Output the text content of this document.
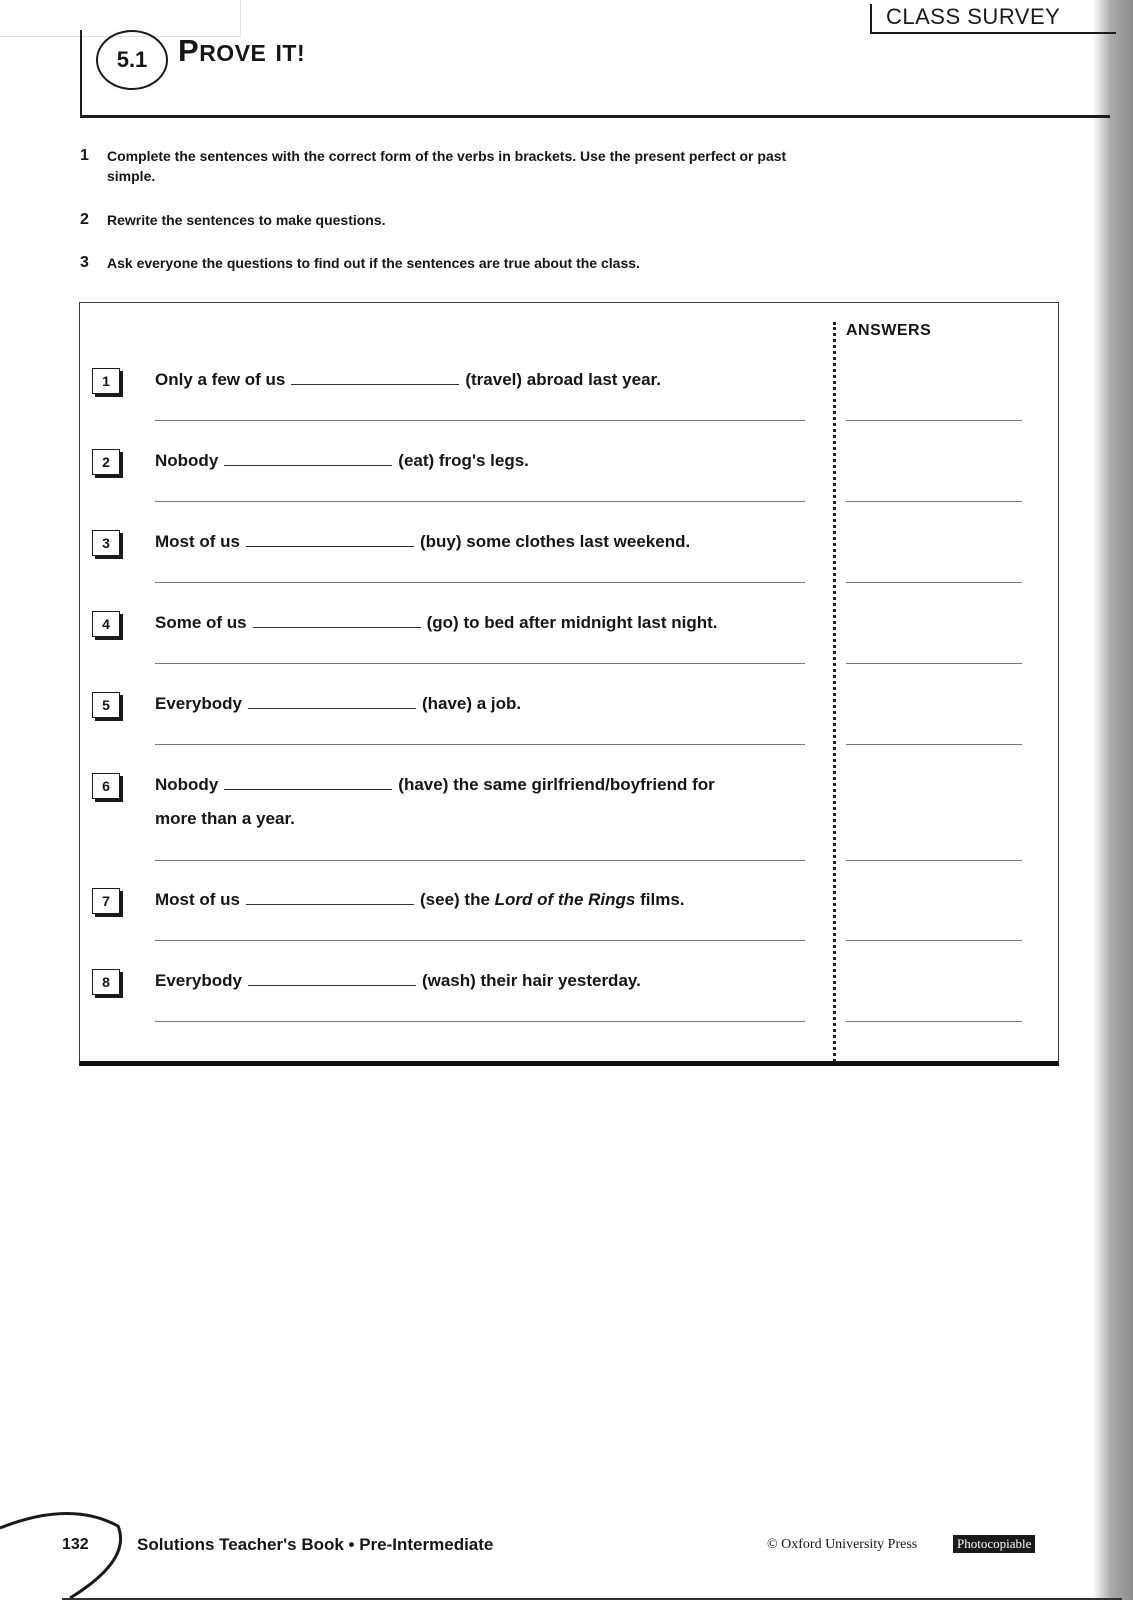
5.1 PROVE IT!
CLASS SURVEY
1 Complete the sentences with the correct form of the verbs in brackets. Use the present perfect or past simple.
2 Rewrite the sentences to make questions.
3 Ask everyone the questions to find out if the sentences are true about the class.
ANSWERS
1	Only a few of us	(travel) abroad last year.
2	Nobody	(eat) frog's legs.
3	Most of us	(buy) some clothes last weekend.
4	Some of us	(go) to bed after midnight last night.
5	Everybody	(have) a job.
6	Nobody	(have) the same girlfriend/boyfriend for
more than a year.
7	Most of us	(see) the Lord of the Rings films.
8	Everybody	(wash) their hair yesterday.
132	Solutions Teacher's Book • Pre-Intermediate	© Oxford University Press	Photocopiable
